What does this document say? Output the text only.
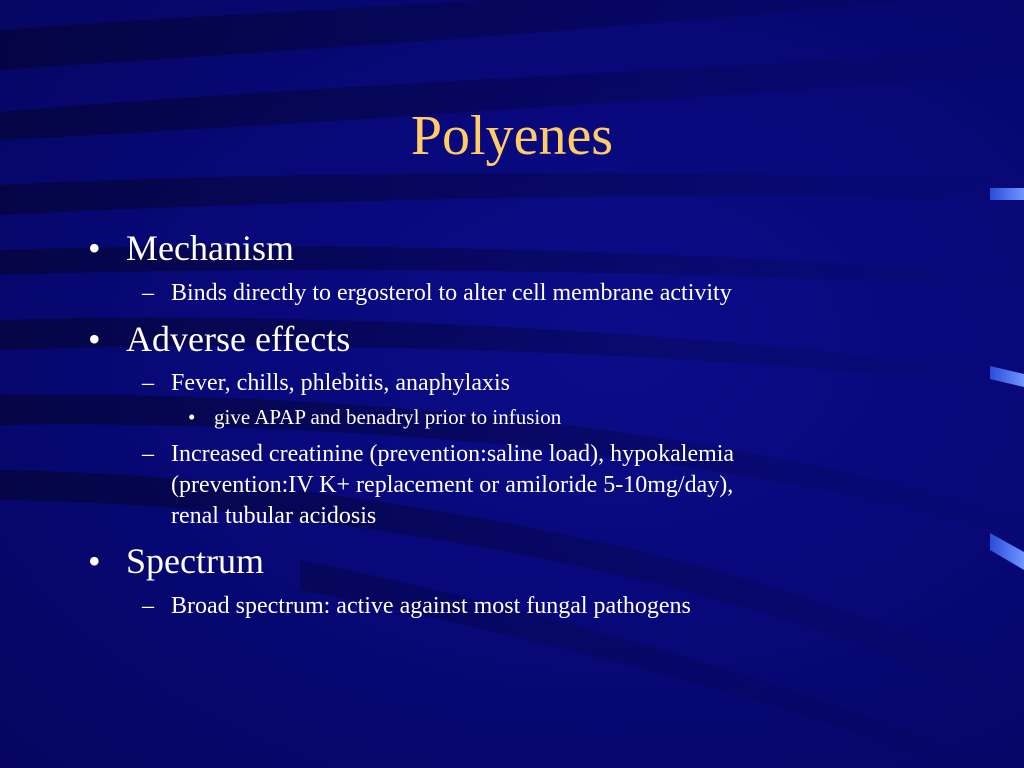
Polyenes
• Mechanism
– Binds directly to ergosterol to alter cell membrane activity
• Adverse effects
– Fever, chills, phlebitis, anaphylaxis
• give APAP and benadryl prior to infusion
– Increased creatinine (prevention:saline load), hypokalemia
(prevention:IV K+ replacement or amiloride 5-10mg/day),
renal tubular acidosis
• Spectrum
– Broad spectrum: active against most fungal pathogens
